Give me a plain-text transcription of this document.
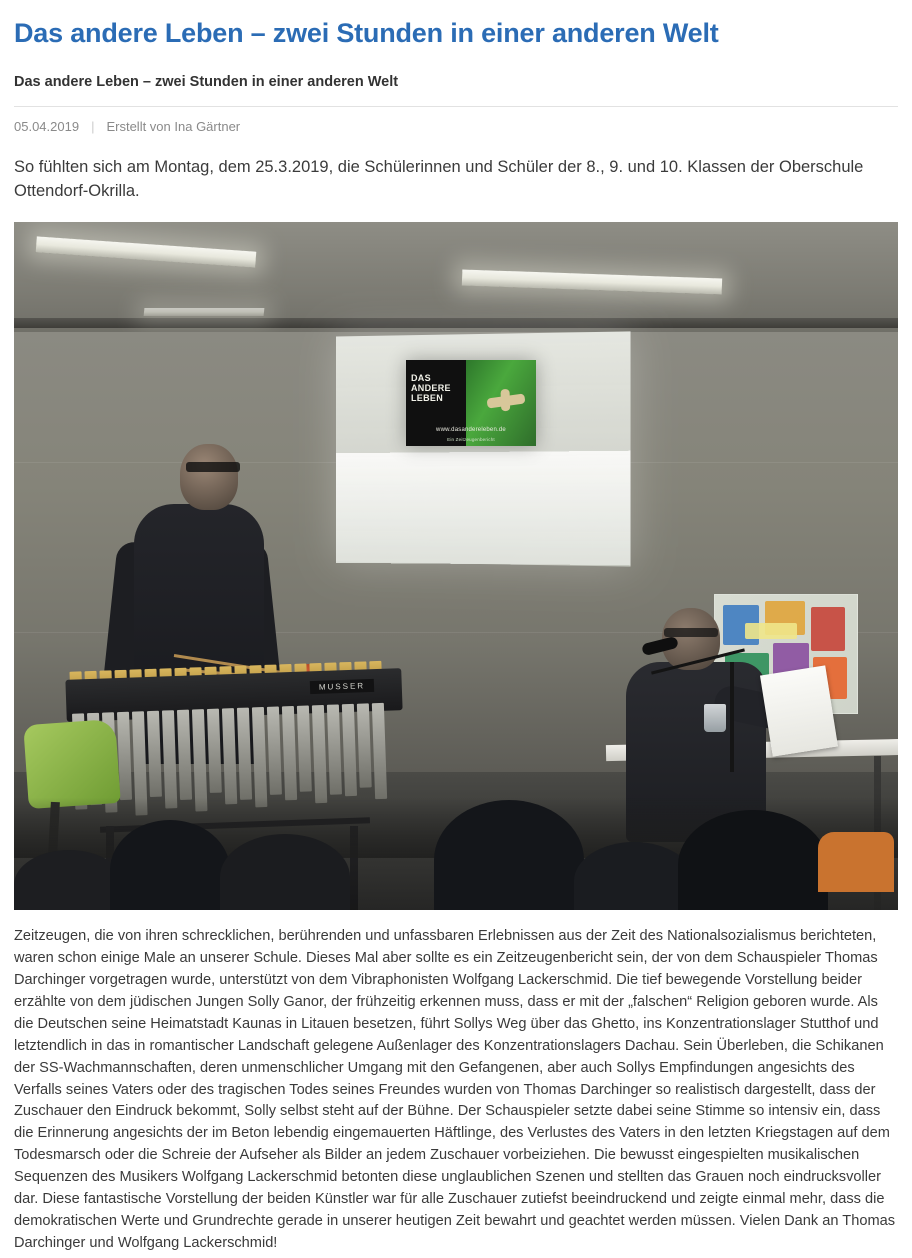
Das andere Leben – zwei Stunden in einer anderen Welt
Das andere Leben – zwei Stunden in einer anderen Welt
05.04.2019 | Erstellt von Ina Gärtner

So fühlten sich am Montag, dem 25.3.2019, die Schülerinnen und Schüler der 8., 9. und 10. Klassen der Oberschule Ottendorf-Okrilla.

DAS
ANDERE
LEBEN
www.dasandereleben.de
Ein Zeitzeugenbericht
MUSSER

Zeitzeugen, die von ihren schrecklichen, berührenden und unfassbaren Erlebnissen aus der Zeit des Nationalsozialismus berichteten, waren schon einige Male an unserer Schule. Dieses Mal aber sollte es ein Zeitzeugenbericht sein, der von dem Schauspieler Thomas Darchinger vorgetragen wurde, unterstützt von dem Vibraphonisten Wolfgang Lackerschmid. Die tief bewegende Vorstellung beider erzählte von dem jüdischen Jungen Solly Ganor, der frühzeitig erkennen muss, dass er mit der „falschen“ Religion geboren wurde. Als die Deutschen seine Heimatstadt Kaunas in Litauen besetzen, führt Sollys Weg über das Ghetto, ins Konzentrationslager Stutthof und letztendlich in das in romantischer Landschaft gelegene Außenlager des Konzentrationslagers Dachau. Sein Überleben, die Schikanen der SS-Wachmannschaften, deren unmenschlicher Umgang mit den Gefangenen, aber auch Sollys Empfindungen angesichts des Verfalls seines Vaters oder des tragischen Todes seines Freundes wurden von Thomas Darchinger so realistisch dargestellt, dass der Zuschauer den Eindruck bekommt, Solly selbst steht auf der Bühne. Der Schauspieler setzte dabei seine Stimme so intensiv ein, dass die Erinnerung angesichts der im Beton lebendig eingemauerten Häftlinge, des Verlustes des Vaters in den letzten Kriegstagen auf dem Todesmarsch oder die Schreie der Aufseher als Bilder an jedem Zuschauer vorbeiziehen. Die bewusst eingespielten musikalischen Sequenzen des Musikers Wolfgang Lackerschmid betonten diese unglaublichen Szenen und stellten das Grauen noch eindrucksvoller dar. Diese fantastische Vorstellung der beiden Künstler war für alle Zuschauer zutiefst beeindruckend und zeigte einmal mehr, dass die demokratischen Werte und Grundrechte gerade in unserer heutigen Zeit bewahrt und geachtet werden müssen. Vielen Dank an Thomas Darchinger und Wolfgang Lackerschmid!
